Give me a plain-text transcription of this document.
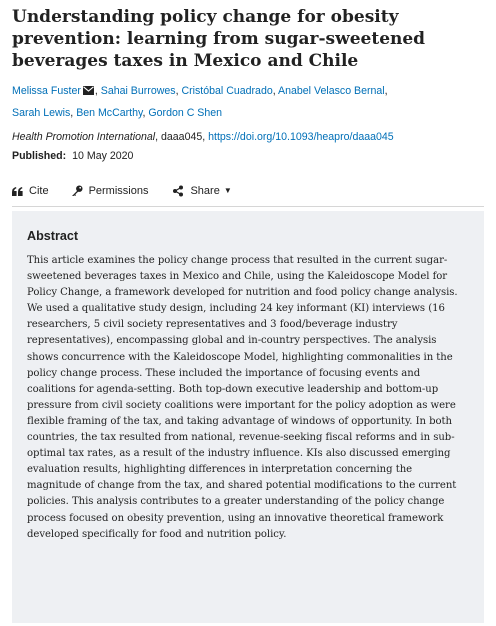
Understanding policy change for obesity prevention: learning from sugar-sweetened beverages taxes in Mexico and Chile
Melissa Fuster , Sahai Burrowes, Cristóbal Cuadrado, Anabel Velasco Bernal,
Sarah Lewis, Ben McCarthy, Gordon C Shen
Health Promotion International, daaa045, https://doi.org/10.1093/heapro/daaa045
Published: 10 May 2020
Cite	Permissions	Share ▼
Abstract

This article examines the policy change process that resulted in the current sugar-sweetened beverages taxes in Mexico and Chile, using the Kaleidoscope Model for Policy Change, a framework developed for nutrition and food policy change analysis. We used a qualitative study design, including 24 key informant (KI) interviews (16 researchers, 5 civil society representatives and 3 food/beverage industry representatives), encompassing global and in-country perspectives. The analysis shows concurrence with the Kaleidoscope Model, highlighting commonalities in the policy change process. These included the importance of focusing events and coalitions for agenda-setting. Both top-down executive leadership and bottom-up pressure from civil society coalitions were important for the policy adoption as were flexible framing of the tax, and taking advantage of windows of opportunity. In both countries, the tax resulted from national, revenue-seeking fiscal reforms and in sub-optimal tax rates, as a result of the industry influence. KIs also discussed emerging evaluation results, highlighting differences in interpretation concerning the magnitude of change from the tax, and shared potential modifications to the current policies. This analysis contributes to a greater understanding of the policy change process focused on obesity prevention, using an innovative theoretical framework developed specifically for food and nutrition policy.
